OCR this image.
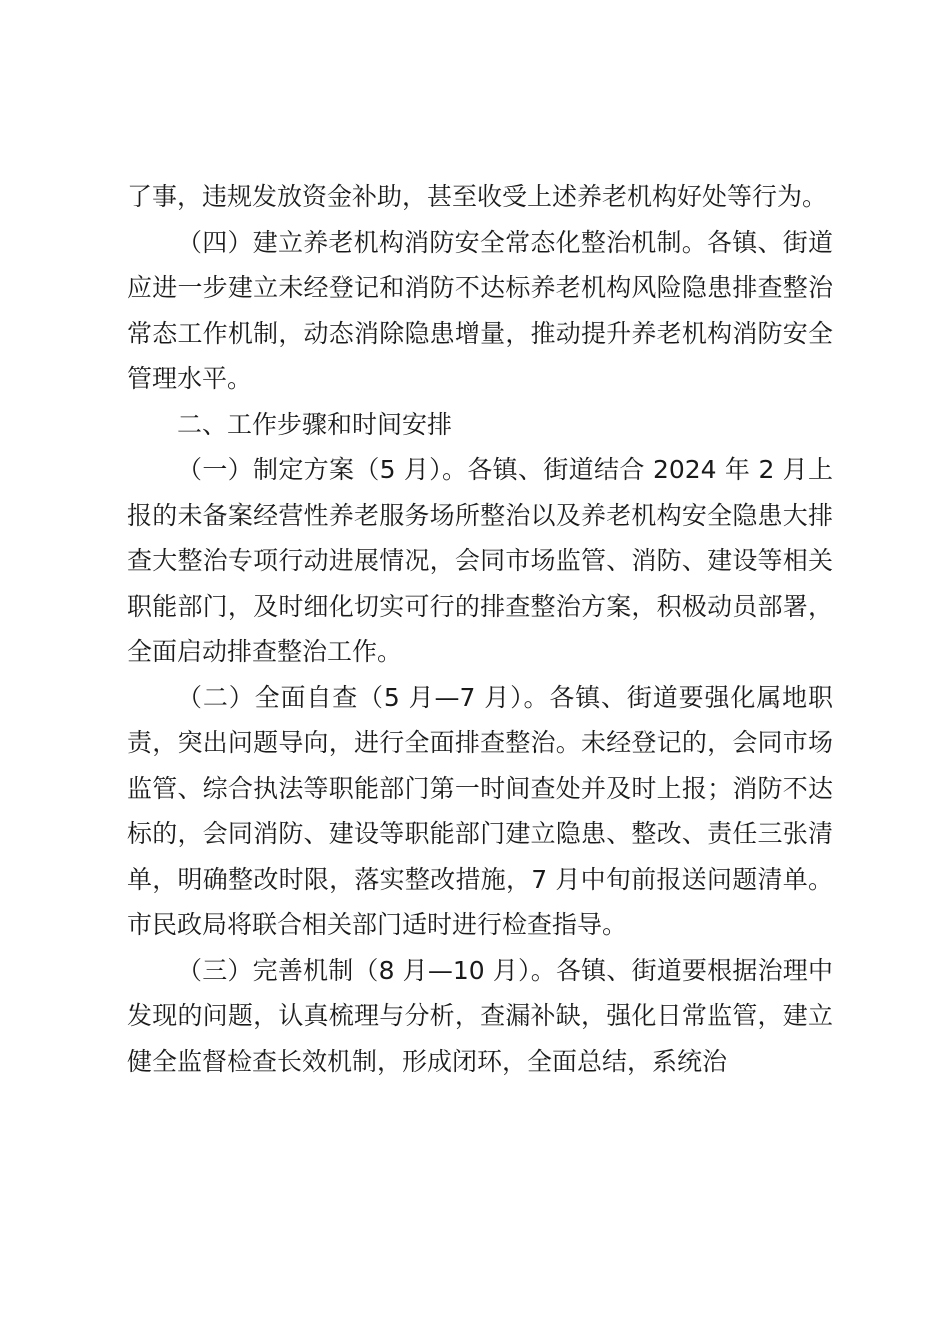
了事，违规发放资金补助，甚至收受上述养老机构好处等行为。

（四）建立养老机构消防安全常态化整治机制。各镇、街道应进一步建立未经登记和消防不达标养老机构风险隐患排查整治常态工作机制，动态消除隐患增量，推动提升养老机构消防安全管理水平。

二、工作步骤和时间安排

（一）制定方案（5 月）。各镇、街道结合 2024 年 2 月上报的未备案经营性养老服务场所整治以及养老机构安全隐患大排查大整治专项行动进展情况，会同市场监管、消防、建设等相关职能部门，及时细化切实可行的排查整治方案，积极动员部署，全面启动排查整治工作。

（二）全面自查（5 月—7 月）。各镇、街道要强化属地职责，突出问题导向，进行全面排查整治。未经登记的，会同市场监管、综合执法等职能部门第一时间查处并及时上报；消防不达标的，会同消防、建设等职能部门建立隐患、整改、责任三张清单，明确整改时限，落实整改措施，7 月中旬前报送问题清单。市民政局将联合相关部门适时进行检查指导。

（三）完善机制（8 月—10 月）。各镇、街道要根据治理中发现的问题，认真梳理与分析，查漏补缺，强化日常监管，建立健全监督检查长效机制，形成闭环，全面总结，系统治
